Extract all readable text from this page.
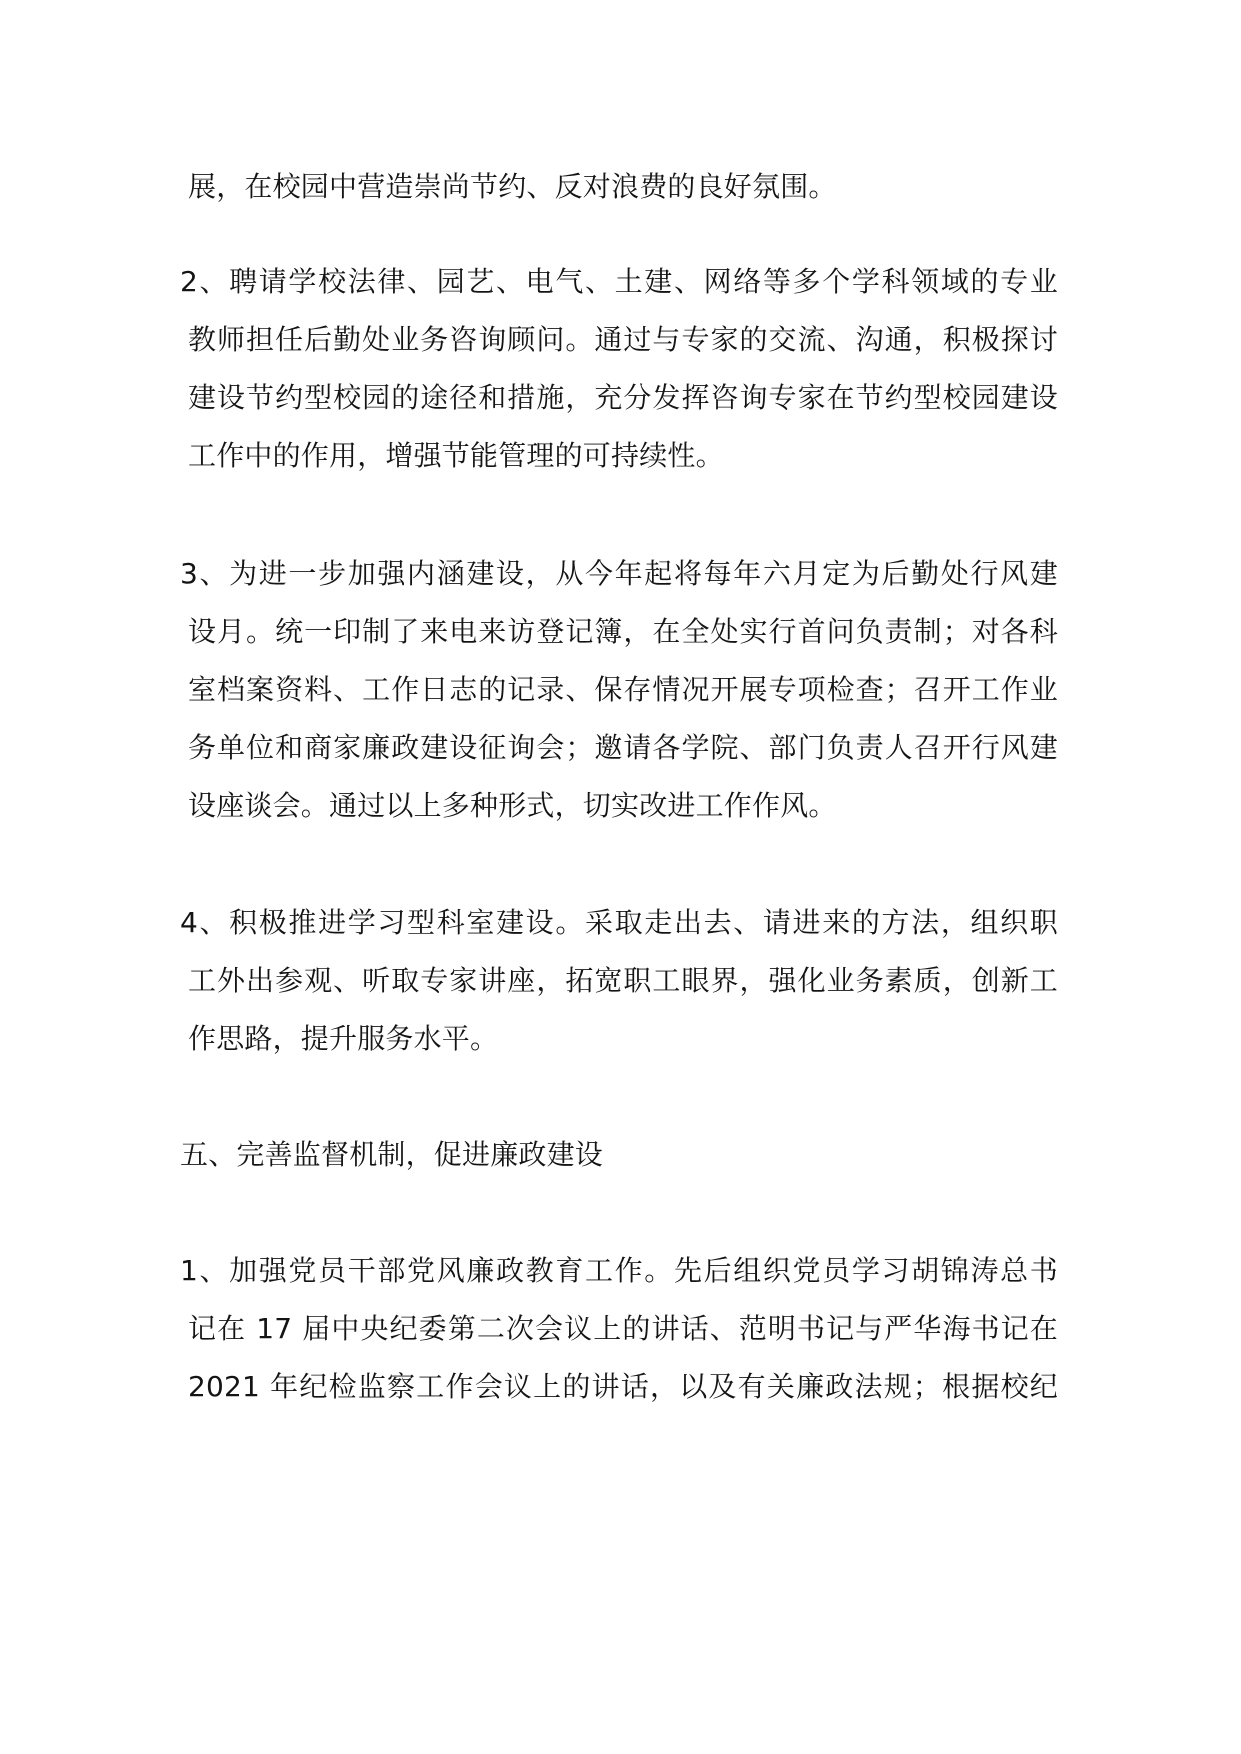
展，在校园中营造崇尚节约、反对浪费的良好氛围。
2、聘请学校法律、园艺、电气、土建、网络等多个学科领域的专业
教师担任后勤处业务咨询顾问。通过与专家的交流、沟通，积极探讨
建设节约型校园的途径和措施，充分发挥咨询专家在节约型校园建设
工作中的作用，增强节能管理的可持续性。
3、为进一步加强内涵建设，从今年起将每年六月定为后勤处行风建
设月。统一印制了来电来访登记簿，在全处实行首问负责制；对各科
室档案资料、工作日志的记录、保存情况开展专项检查；召开工作业
务单位和商家廉政建设征询会；邀请各学院、部门负责人召开行风建
设座谈会。通过以上多种形式，切实改进工作作风。
4、积极推进学习型科室建设。采取走出去、请进来的方法，组织职
工外出参观、听取专家讲座，拓宽职工眼界，强化业务素质，创新工
作思路，提升服务水平。
五、完善监督机制，促进廉政建设
1、加强党员干部党风廉政教育工作。先后组织党员学习胡锦涛总书
记在 17 届中央纪委第二次会议上的讲话、范明书记与严华海书记在
2021 年纪检监察工作会议上的讲话，以及有关廉政法规；根据校纪
